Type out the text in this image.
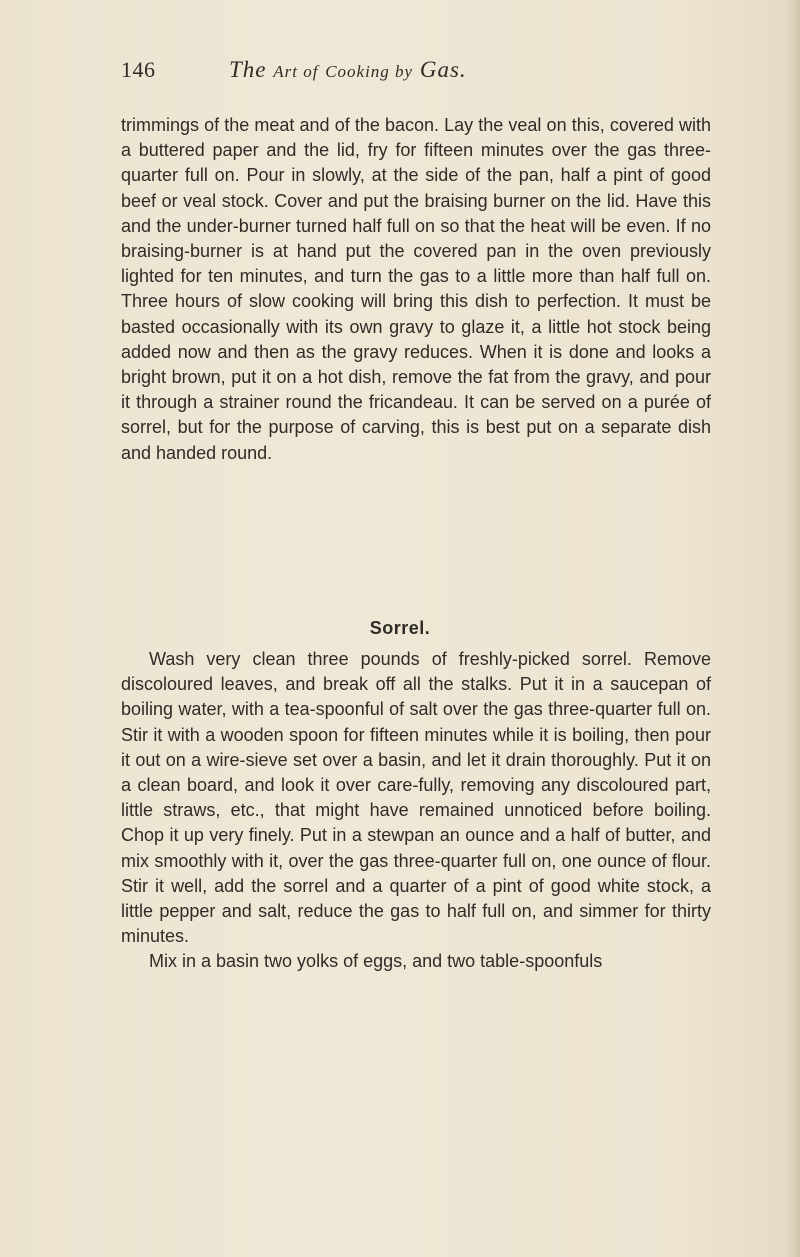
146	The Art of Cooking by Gas.

trimmings of the meat and of the bacon. Lay the veal on this, covered with a buttered paper and the lid, fry for fifteen minutes over the gas three-quarter full on. Pour in slowly, at the side of the pan, half a pint of good beef or veal stock. Cover and put the braising burner on the lid. Have this and the under-burner turned half full on so that the heat will be even. If no braising-burner is at hand put the covered pan in the oven previously lighted for ten minutes, and turn the gas to a little more than half full on. Three hours of slow cooking will bring this dish to perfection. It must be basted occasionally with its own gravy to glaze it, a little hot stock being added now and then as the gravy reduces. When it is done and looks a bright brown, put it on a hot dish, remove the fat from the gravy, and pour it through a strainer round the fricandeau. It can be served on a purée of sorrel, but for the purpose of carving, this is best put on a separate dish and handed round.

Sorrel.

Wash very clean three pounds of freshly-picked sorrel. Remove discoloured leaves, and break off all the stalks. Put it in a saucepan of boiling water, with a tea-spoonful of salt over the gas three-quarter full on. Stir it with a wooden spoon for fifteen minutes while it is boiling, then pour it out on a wire-sieve set over a basin, and let it drain thoroughly. Put it on a clean board, and look it over care-fully, removing any discoloured part, little straws, etc., that might have remained unnoticed before boiling. Chop it up very finely. Put in a stewpan an ounce and a half of butter, and mix smoothly with it, over the gas three-quarter full on, one ounce of flour. Stir it well, add the sorrel and a quarter of a pint of good white stock, a little pepper and salt, reduce the gas to half full on, and simmer for thirty minutes.

Mix in a basin two yolks of eggs, and two table-spoonfuls
